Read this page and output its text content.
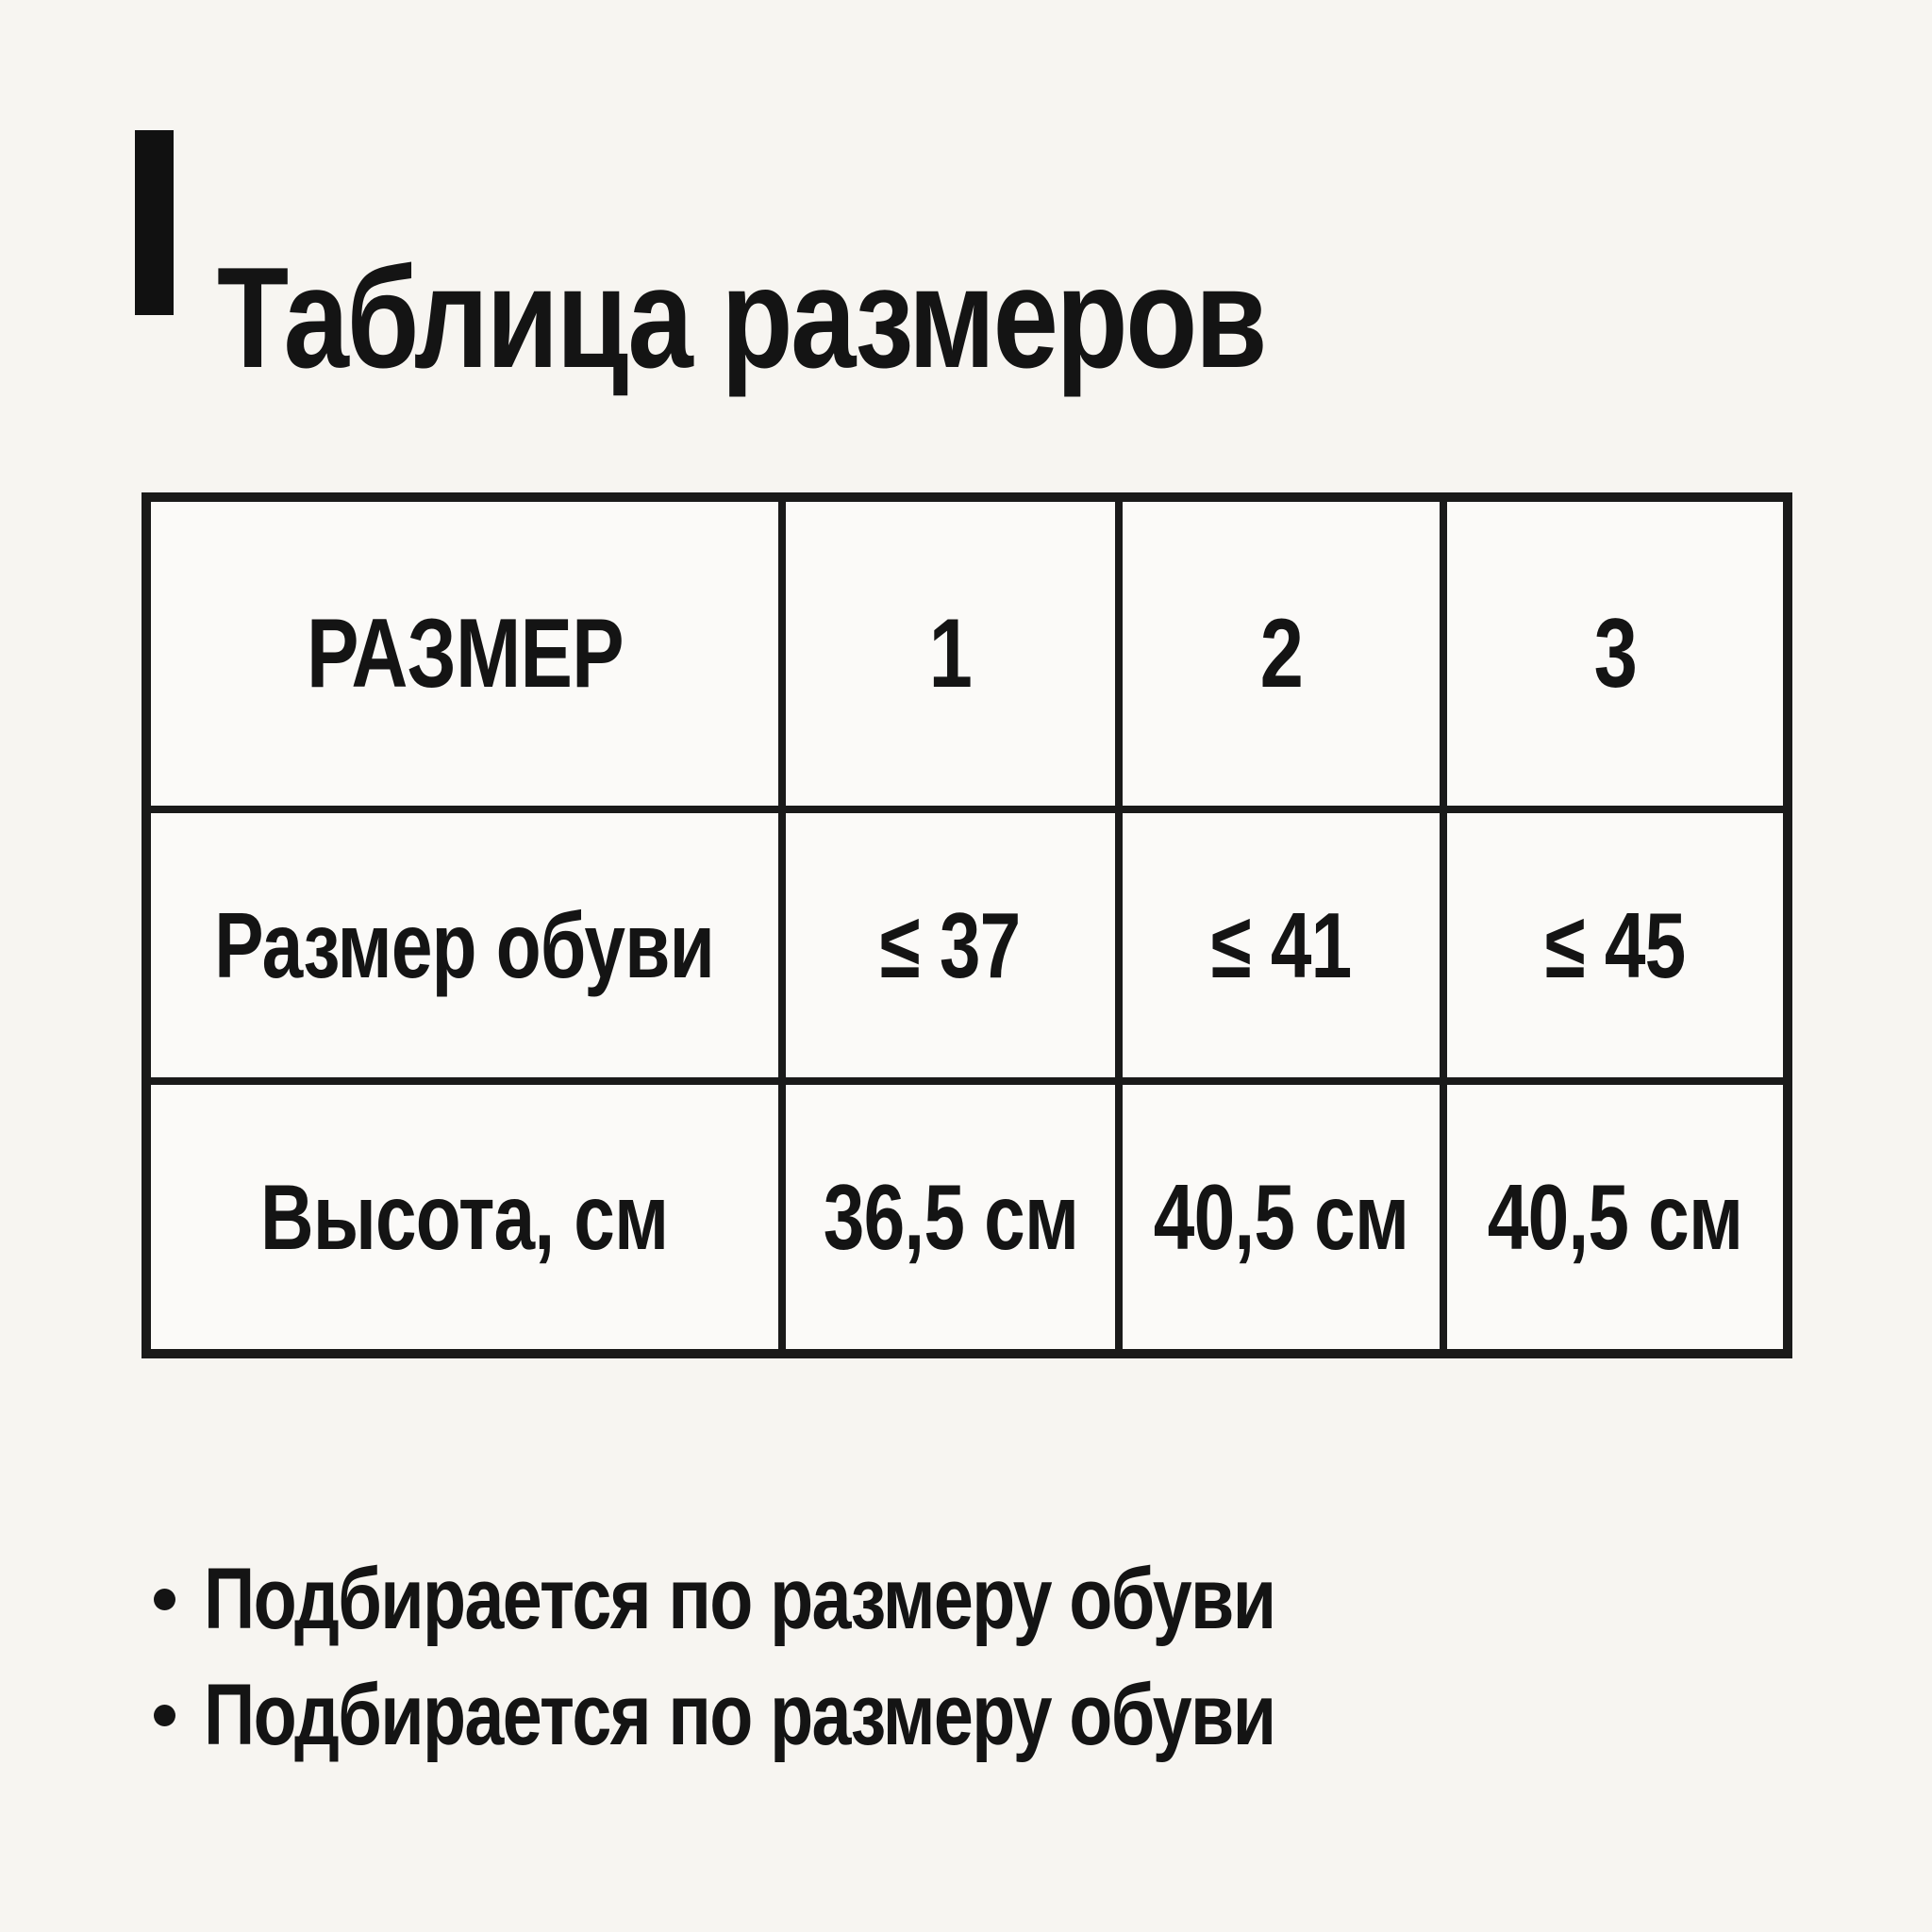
Таблица размеров
РАЗМЕР	1	2	3
Размер обуви ≤ 37 ≤ 41 ≤ 45
Высота, см 36,5 см 40,5 см 40,5 см
Подбирается по размеру обуви
Подбирается по размеру обуви
